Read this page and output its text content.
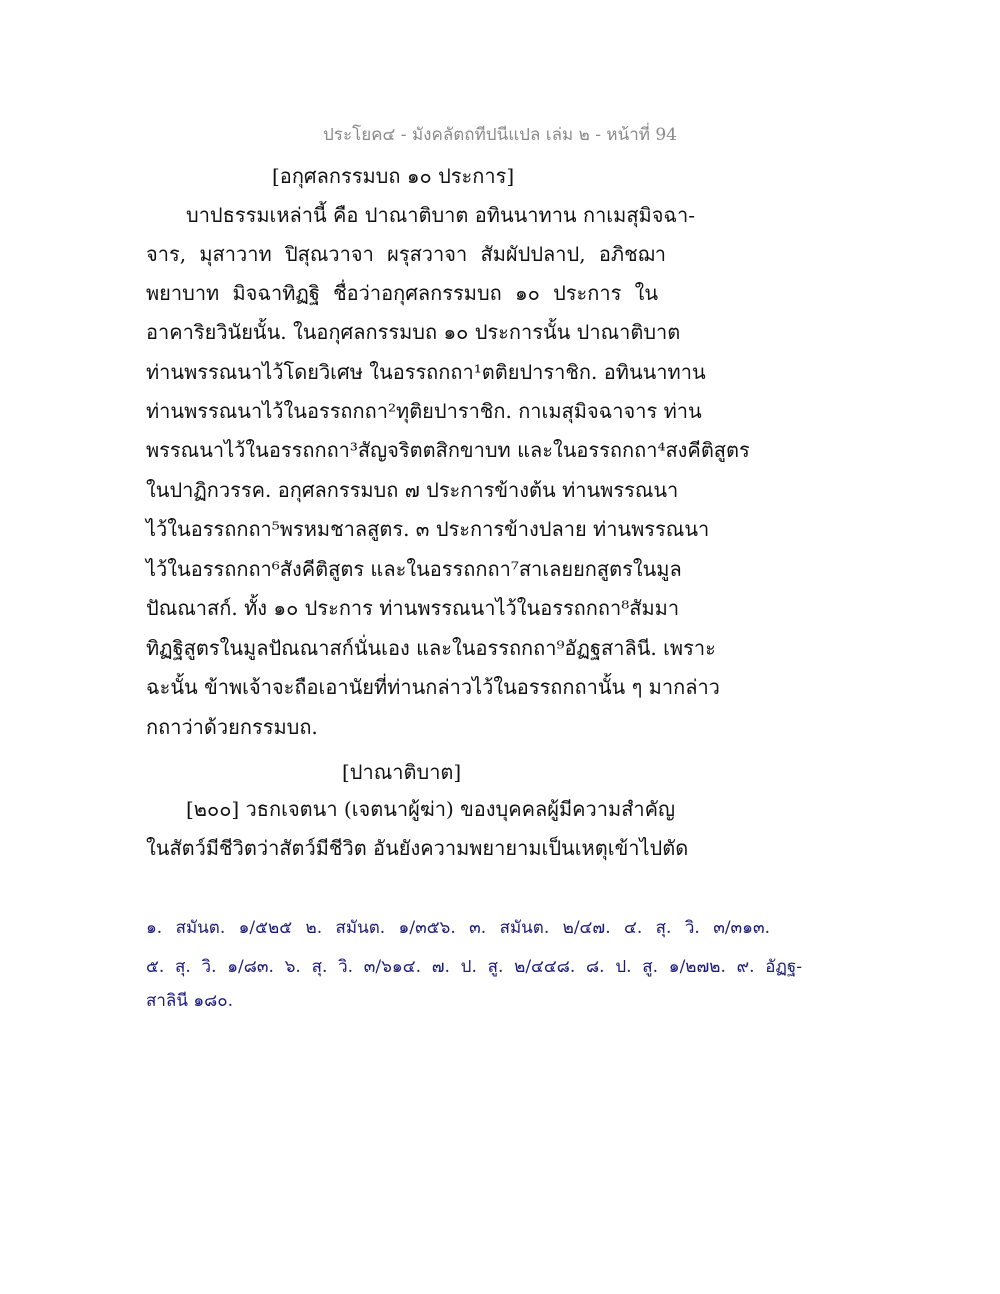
ประโยค๔ - มังคลัตถทีปนีแปล เล่ม ๒ - หน้าที่ 94
[อกุศลกรรมบถ ๑๐ ประการ]
บาปธรรมเหล่านี้ คือ ปาณาติบาต อทินนาทาน กาเมสุมิจฉา-
จาร, มุสาวาท ปิสุณวาจา ผรุสวาจา สัมผัปปลาป, อภิชฌา
พยาบาท มิจฉาทิฏฐิ ชื่อว่าอกุศลกรรมบถ ๑๐ ประการ ใน
อาคาริยวินัยนั้น. ในอกุศลกรรมบถ ๑๐ ประการนั้น ปาณาติบาต
ท่านพรรณนาไว้โดยวิเศษ ในอรรถกถา¹ตติยปาราชิก. อทินนาทาน
ท่านพรรณนาไว้ในอรรถกถา²ทุติยปาราชิก. กาเมสุมิจฉาจาร ท่าน
พรรณนาไว้ในอรรถกถา³สัญจริตตสิกขาบท และในอรรถกถา⁴สงคีติสูตร
ในปาฏิกวรรค. อกุศลกรรมบถ ๗ ประการข้างต้น ท่านพรรณนา
ไว้ในอรรถกถา⁵พรหมชาลสูตร. ๓ ประการข้างปลาย ท่านพรรณนา
ไว้ในอรรถกถา⁶สังคีติสูตร และในอรรถกถา⁷สาเลยยกสูตรในมูล
ปัณณาสก์. ทั้ง ๑๐ ประการ ท่านพรรณนาไว้ในอรรถกถา⁸สัมมา
ทิฏฐิสูตรในมูลปัณณาสก์นั่นเอง และในอรรถกถา⁹อัฏฐสาลินี. เพราะ
ฉะนั้น ข้าพเจ้าจะถือเอานัยที่ท่านกล่าวไว้ในอรรถกถานั้น ๆ มากล่าว
กถาว่าด้วยกรรมบถ.
[ปาณาติบาต]
[๒๐๐] วธกเจตนา (เจตนาผู้ฆ่า) ของบุคคลผู้มีความสำคัญ
ในสัตว์มีชีวิตว่าสัตว์มีชีวิต อันยังความพยายามเป็นเหตุเข้าไปตัด
๑. สมันต. ๑/๕๒๕ ๒. สมันต. ๑/๓๕๖. ๓. สมันต. ๒/๔๗. ๔. สุ. วิ. ๓/๓๑๓.
๕. สุ. วิ. ๑/๘๓. ๖. สุ. วิ. ๓/๖๑๔. ๗. ป. สู. ๒/๔๔๘. ๘. ป. สู. ๑/๒๗๒. ๙. อัฏฐ-
สาลินี ๑๘๐.
